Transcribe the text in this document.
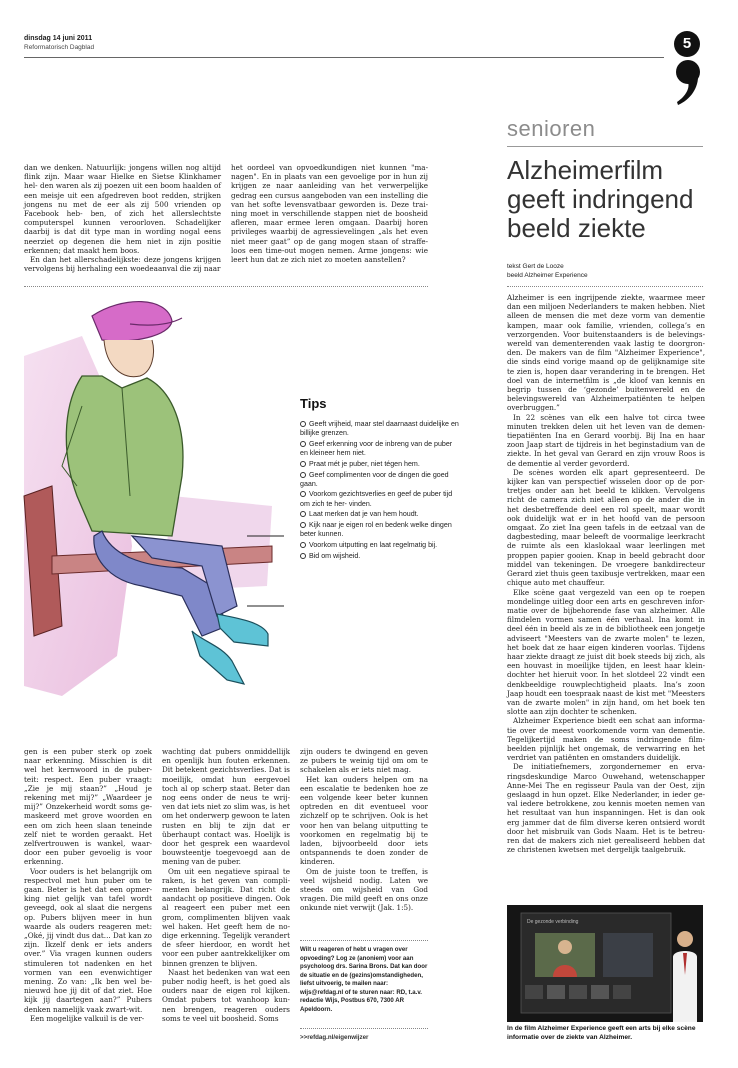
dinsdag 14 juni 2011
Reformatorisch Dagblad	5
senioren
Alzheimerfilm geeft indringend beeld ziekte
tekst Gert de Looze
beeld Alzheimer Experience

dan we denken. Natuurlijk: jongens willen nog altijd flink zijn. Maar waar Hielke en Sietse Klinkhamer hel- den waren als zij poezen uit een boom haalden of een meisje uit een afgedreven boot redden, strijken jongens nu met de eer als zij 500 vrienden op Facebook heb- ben, of zich het allerslechtste computerspel kunnen veroorloven. Schadelijker daarbij is dat dit type man in wording nogal eens neerziet op degenen die hem niet in zijn positie erkennen; dat maakt hem boos.

En dan het allerschadelijkste: deze jongens krijgen vervolgens bij herhaling een woedeaanval die zij naar

het oordeel van opvoedkundigen niet kunnen "ma- nagen". En in plaats van een gevoelige por in hun zij krijgen ze naar aanleiding van het verwerpelijke gedrag een cursus aangeboden van een instelling die van het softe levensvatbaar geworden is. Deze trai- ning moet in verschillende stappen niet de boosheid afleren, maar ermee leren omgaan. Daarbij horen privileges waarbij de agressievelingen „als het even niet meer gaat” op de gang mogen staan of straffe- loos een time-out mogen nemen. Arme jongens: wie leert hun dat ze zich niet zo moeten aanstellen?

Tips
Geeft vrijheid, maar stel daarnaast duidelijke en billijke grenzen.
Geef erkenning voor de inbreng van de puber en kleineer hem niet.
Praat mét je puber, niet tégen hem.
Geef complimenten voor de dingen die goed gaan.
Voorkom gezichtsverlies en geef de puber tijd om zich te her- vinden.
Laat merken dat je van hem houdt.
Kijk naar je eigen rol en bedenk welke dingen beter kunnen.
Voorkom uitputting en laat regelmatig bij.
Bid om wijsheid.

gen is een puber sterk op zoek naar erkenning. Misschien is dit wel het kernwoord in de puber- teit: respect. Een puber vraagt: „Zie je mij staan?” „Houd je rekening met mij?” „Waardeer je mij?” Onzekerheid wordt soms ge- maskeerd met grove woorden en een om zich heen slaan teneinde zelf niet te worden geraakt. Het zelfvertrouwen is wankel, waar- door een puber gevoelig is voor erkenning.

Voor ouders is het belangrijk om respectvol met hun puber om te gaan. Beter is het dat een opmer- king niet gelijk van tafel wordt geveegd, ook al slaat die nergens op. Pubers blijven meer in hun waarde als ouders reageren met: „Oké, jij vindt dus dat... Dat kan zo zijn. Ikzelf denk er iets anders over.” Via vragen kunnen ouders stimuleren tot nadenken en het vormen van een evenwichtiger mening. Zo van: „Ik ben wel be- nieuwd hoe jij dit of dat ziet. Hoe kijk jij daartegen aan?” Pubers denken namelijk vaak zwart-wit.

Een mogelijke valkuil is de ver-

wachting dat pubers onmiddellijk en openlijk hun fouten erkennen. Dit betekent gezichtsverlies. Dat is moeilijk, omdat hun eergevoel toch al op scherp staat. Beter dan nog eens onder de neus te wrij- ven dat iets niet zo slim was, is het om het onderwerp gewoon te laten rusten en blij te zijn dat er überhaupt contact was. Hoelijk is door het gesprek een waardevol bouwsteentje toegevoegd aan de mening van de puber.

Om uit een negatieve spiraal te raken, is het geven van compli- menten belangrijk. Dat richt de aandacht op positieve dingen. Ook al reageert een puber met een grom, complimenten blijven vaak wel haken. Het geeft hem de no- dige erkenning. Tegelijk verandert de sfeer hierdoor, en wordt het voor een puber aantrekkelijker om binnen grenzen te blijven.

Naast het bedenken van wat een puber nodig heeft, is het goed als ouders naar de eigen rol kijken. Omdat pubers tot wanhoop kun- nen brengen, reageren ouders soms te veel uit boosheid. Soms

zijn ouders te dwingend en geven ze pubers te weinig tijd om om te schakelen als er iets niet mag.

Het kan ouders helpen om na een escalatie te bedenken hoe ze een volgende keer beter kunnen optreden en dit eventueel voor zichzelf op te schrijven. Ook is het voor hen van belang uitputting te voorkomen en regelmatig bij te laden, bijvoorbeeld door iets ontspannends te doen zonder de kinderen.

Om de juiste toon te treffen, is veel wijsheid nodig. Laten we steeds om wijsheid van God vragen. Die mild geeft en ons onze onkunde niet verwijt (Jak. 1:5).

Wilt u reageren of hebt u vragen over opvoeding? Log ze (anoniem) voor aan psycholoog drs. Sarina Brons. Dat kan door de situatie en de (gezins)omstandigheden, liefst uitvoerig, te mailen naar: wijs@refdag.nl of te sturen naar: RD, t.a.v. redactie Wijs, Postbus 670, 7300 AR Apeldoorn.
>>refdag.nl/eigenwijzer

Alzheimer is een ingrijpende ziekte, waarmee meer dan een miljoen Nederlanders te maken hebben. Niet alleen de mensen die met deze vorm van dementie kampen, maar ook familie, vrienden, collega’s en verzorgenden. Voor buitenstaanders is de belevings- wereld van dementerenden vaak lastig te doorgron- den. De makers van de film "Alzheimer Experience", die sinds eind vorige maand op de gelijknamige site te zien is, hopen daar verandering in te brengen. Het doel van de internetfilm is „de kloof van kennis en begrip tussen de ‘gezonde’ buitenwereld en de belevingswereld van Alzheimerpatiënten te helpen overbruggen.”

In 22 scènes van elk een halve tot circa twee minuten trekken delen uit het leven van de demen- tiepatiënten Ina en Gerard voorbij. Bij Ina en haar zoon Jaap start de tijdreis in het beginstadium van de ziekte. In het geval van Gerard en zijn vrouw Roos is de dementie al verder gevorderd.

De scènes worden elk apart gepresenteerd. De kijker kan van perspectief wisselen door op de por- tretjes onder aan het beeld te klikken. Vervolgens richt de camera zich niet alleen op de ander die in het desbetreffende deel een rol speelt, maar wordt ook duidelijk wat er in het hoofd van de persoon omgaat. Zo ziet Ina geen tafels in de eetzaal van de dagbesteding, maar beleeft de voormalige leerkracht de ruimte als een klaslokaal waar leerlingen met proppen papier gooien. Knap in beeld gebracht door middel van tekeningen. De vroegere bankdirecteur Gerard ziet thuis geen taxibusje vertrekken, maar een chique auto met chauffeur.

Elke scène gaat vergezeld van een op te roepen mondelinge uitleg door een arts en geschreven infor- matie over de bijbehorende fase van alzheimer. Alle filmdelen vormen samen één verhaal. Ina komt in deel één in beeld als ze in de bibliotheek een jongetje adviseert "Meesters van de zwarte molen" te lezen, het boek dat ze haar eigen kinderen voorlas. Tijdens haar ziekte draagt ze juist dit boek steeds bij zich, als een houvast in moeilijke tijden, en leest haar klein- dochter het hieruit voor. In het slotdeel 22 vindt een denkbeeldige rouwplechtigheid plaats. Ina’s zoon Jaap houdt een toespraak naast de kist met "Meesters van de zwarte molen" in zijn hand, om het boek ten slotte aan zijn dochter te schenken.

Alzheimer Experience biedt een schat aan informa- tie over de meest voorkomende vorm van dementie. Tegelijkertijd maken de soms indringende film- beelden pijnlijk het ongemak, de verwarring en het verdriet van patiënten en omstanders duidelijk.

De initiatiefnemers, zorgondernemer en erva- ringsdeskundige Marco Ouwehand, wetenschapper Anne-Mei The en regisseur Paula van der Oest, zijn geslaagd in hun opzet. Elke Nederlander, in ieder ge- val iedere betrokkene, zou kennis moeten nemen van het resultaat van hun inspanningen. Het is dan ook erg jammer dat de film diverse keren ontsierd wordt door het misbruik van Gods Naam. Het is te betreu- ren dat de makers zich niet gerealiseerd hebben dat ze christenen kwetsen met dergelijk taalgebruik.

De gezonde verbinding
In de film Alzheimer Experience geeft een arts bij elke scène informatie over de ziekte van Alzheimer.
